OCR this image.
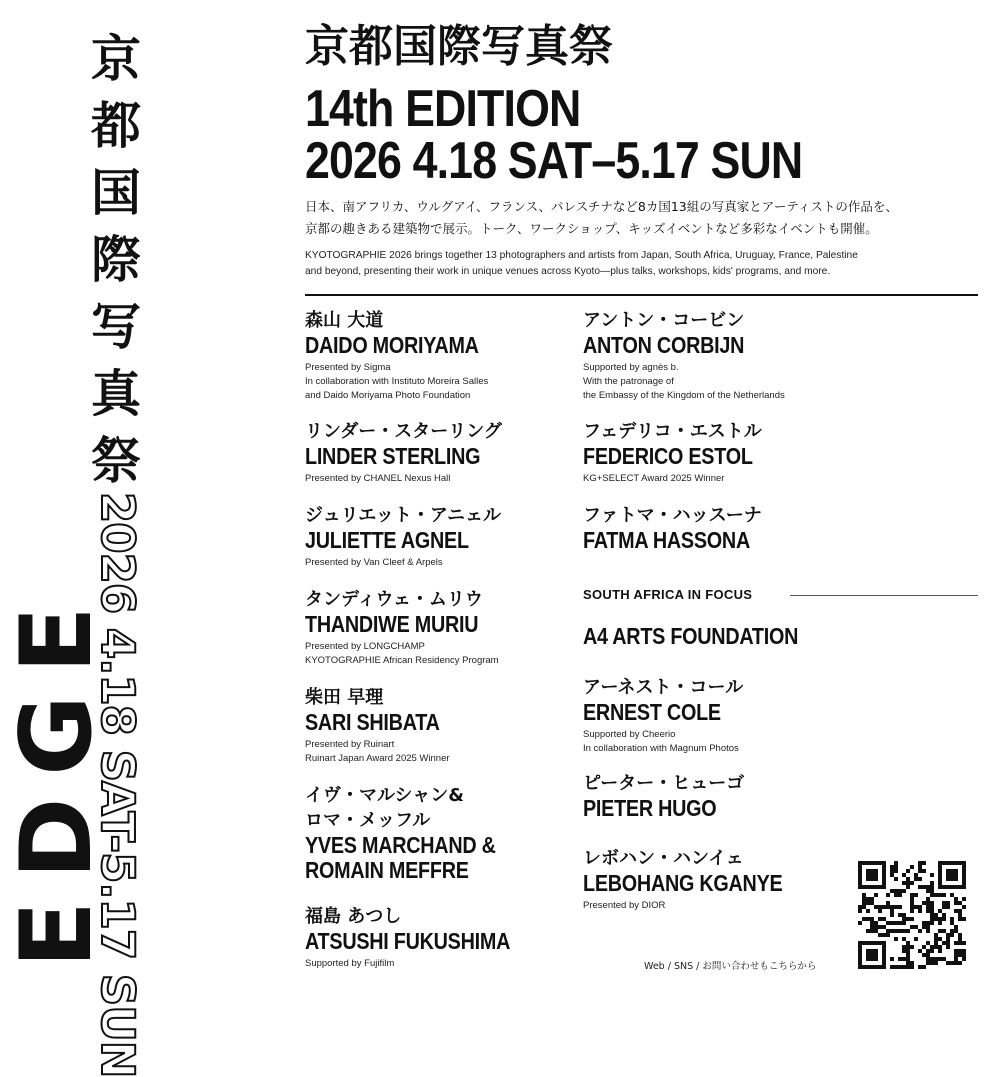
EDGE
京
都
国
際
写
真
祭
2026 4.18 SAT-5.17 SUN
京都国際写真祭
14th EDITION
2026 4.18 SAT–5.17 SUN
日本、南アフリカ、ウルグアイ、フランス、パレスチナなど8カ国13組の写真家とアーティストの作品を、
京都の趣きある建築物で展示。トーク、ワークショップ、キッズイベントなど多彩なイベントも開催。
KYOTOGRAPHIE 2026 brings together 13 photographers and artists from Japan, South Africa, Uruguay, France, Palestine
and beyond, presenting their work in unique venues across Kyoto—plus talks, workshops, kids' programs, and more.
森山 大道
DAIDO MORIYAMA
Presented by Sigma
In collaboration with Instituto Moreira Salles
and Daido Moriyama Photo Foundation
リンダー・スターリング
LINDER STERLING
Presented by CHANEL Nexus Hall
ジュリエット・アニェル
JULIETTE AGNEL
Presented by Van Cleef & Arpels
タンディウェ・ムリウ
THANDIWE MURIU
Presented by LONGCHAMP
KYOTOGRAPHIE African Residency Program
柴田 早理
SARI SHIBATA
Presented by Ruinart
Ruinart Japan Award 2025 Winner
イヴ・マルシャン&
ロマ・メッフル
YVES MARCHAND &
ROMAIN MEFFRE
福島 あつし
ATSUSHI FUKUSHIMA
Supported by Fujifilm
アントン・コービン
ANTON CORBIJN
Supported by agnès b.
With the patronage of
the Embassy of the Kingdom of the Netherlands
フェデリコ・エストル
FEDERICO ESTOL
KG+SELECT Award 2025 Winner
ファトマ・ハッスーナ
FATMA HASSONA
A4 ARTS FOUNDATION
アーネスト・コール
ERNEST COLE
Supported by Cheerio
In collaboration with Magnum Photos
ピーター・ヒューゴ
PIETER HUGO
レボハン・ハンイェ
LEBOHANG KGANYE
Presented by DIOR
SOUTH AFRICA IN FOCUS
Web / SNS / お問い合わせもこちらから
